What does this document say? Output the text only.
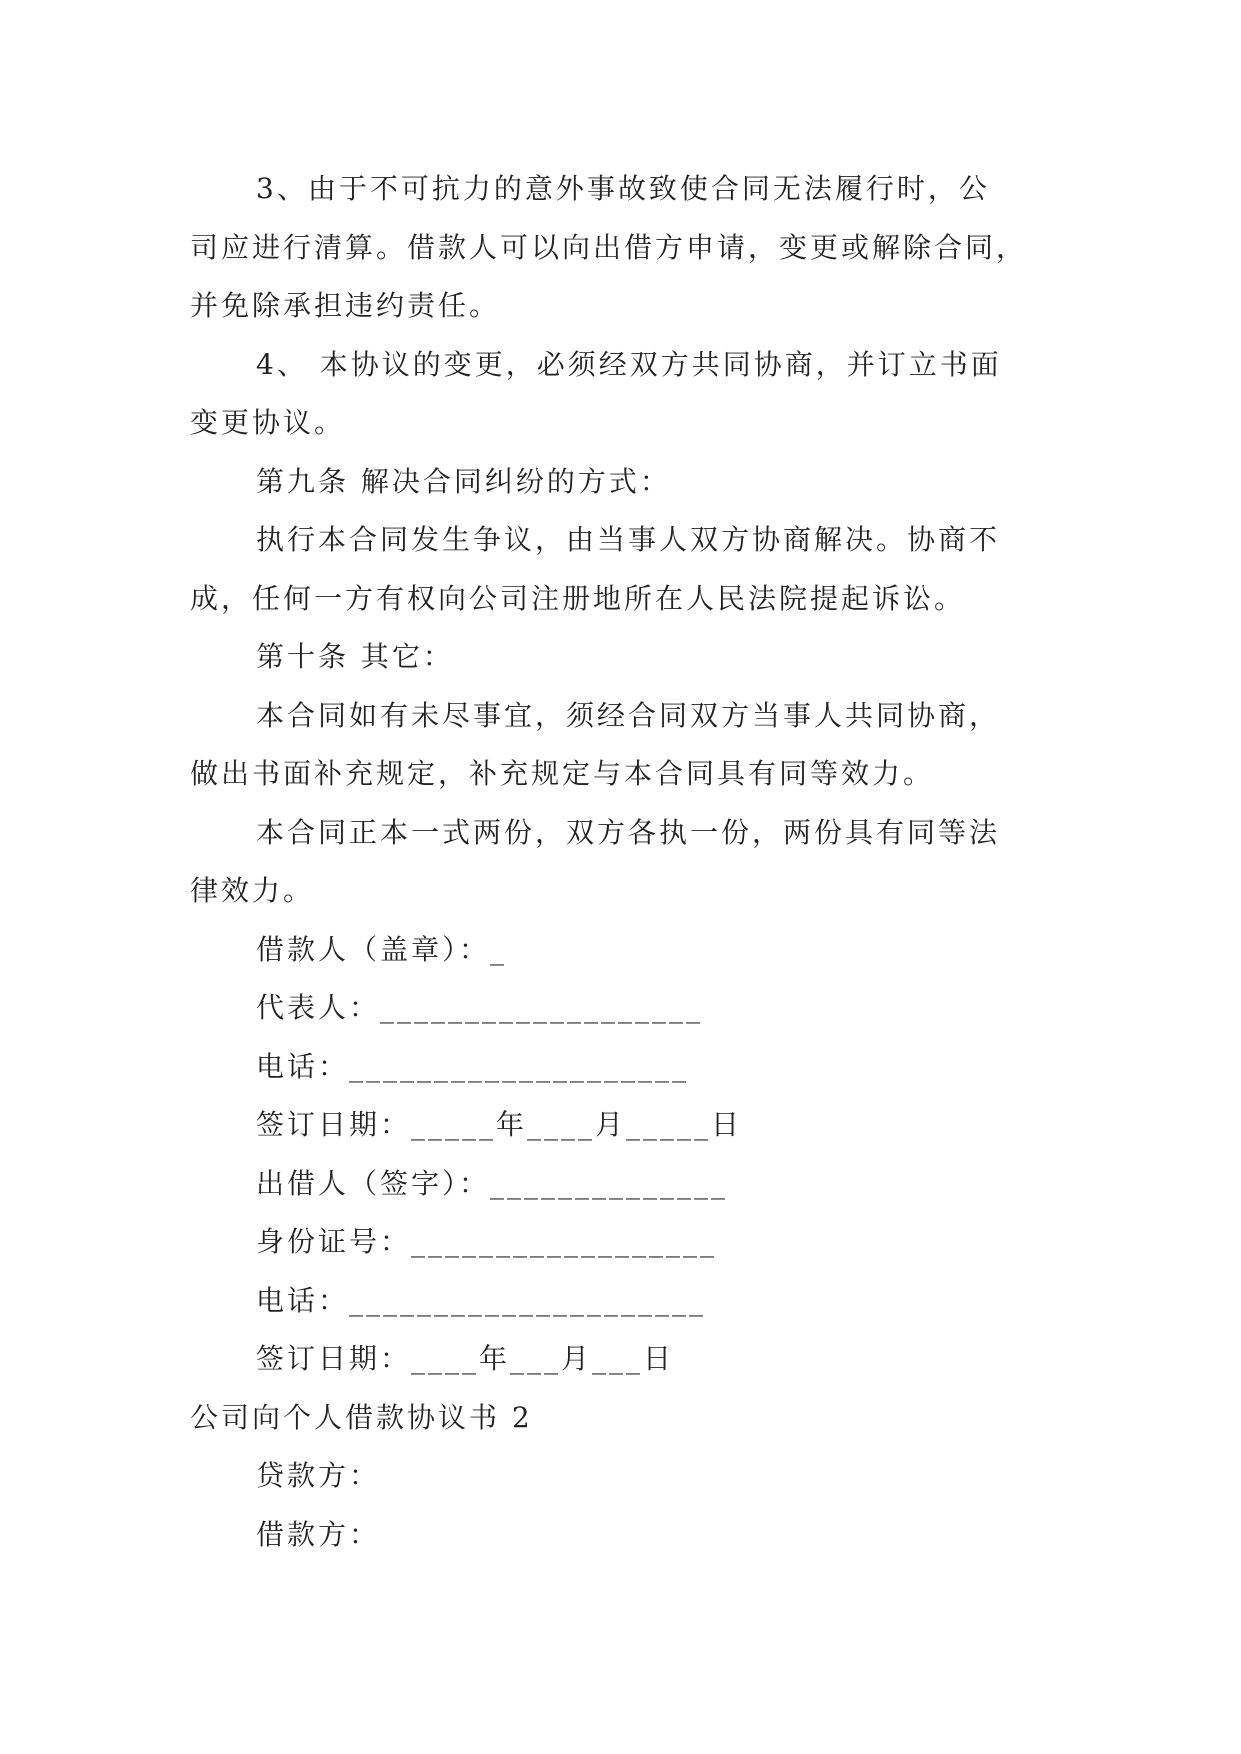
3、由于不可抗力的意外事故致使合同无法履行时，公
司应进行清算。借款人可以向出借方申请，变更或解除合同，
并免除承担违约责任。
4、 本协议的变更，必须经双方共同协商，并订立书面
变更协议。
第九条 解决合同纠纷的方式：
执行本合同发生争议，由当事人双方协商解决。协商不
成，任何一方有权向公司注册地所在人民法院提起诉讼。
第十条 其它：
本合同如有未尽事宜，须经合同双方当事人共同协商，
做出书面补充规定，补充规定与本合同具有同等效力。
本合同正本一式两份，双方各执一份，两份具有同等法
律效力。
借款人（盖章）：_
代表人：___________________
电话：____________________
签订日期：_____年____月_____日
出借人（签字）：______________
身份证号：__________________
电话：_____________________
签订日期：____年___月___日
公司向个人借款协议书 2
贷款方：
借款方：
